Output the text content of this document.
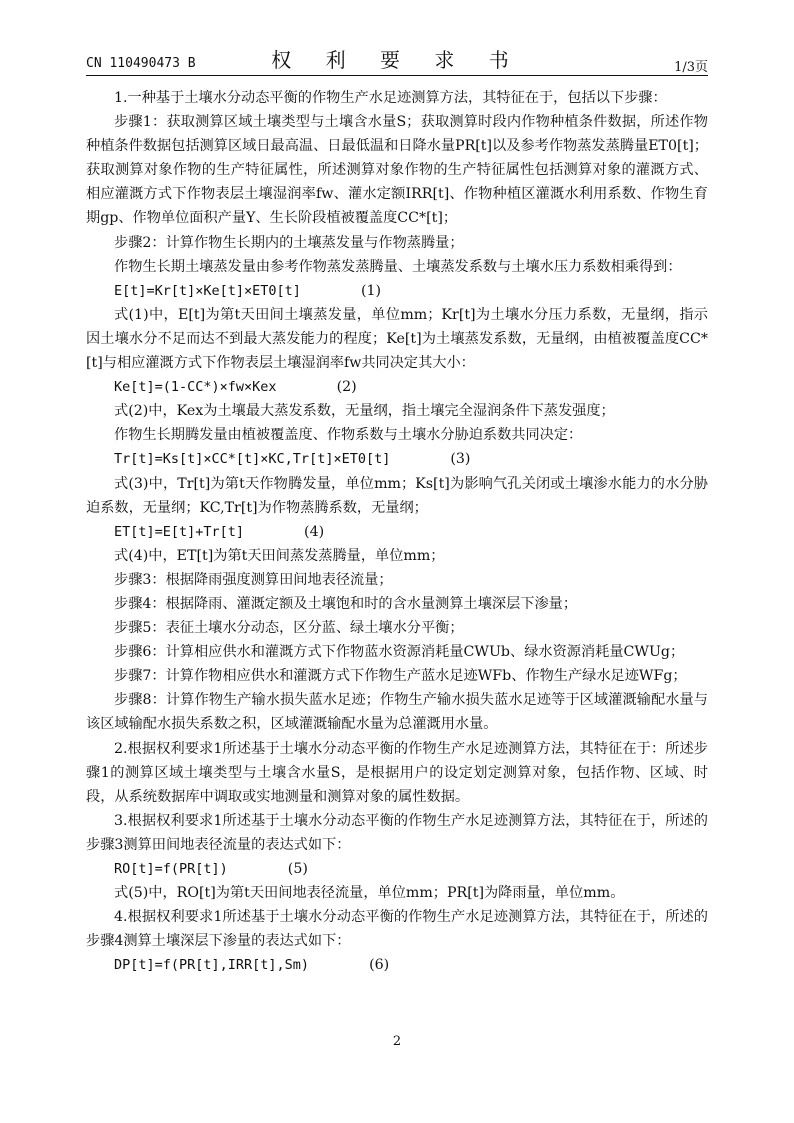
CN 110490473 B	权 利 要 求 书	1/3页

1.一种基于土壤水分动态平衡的作物生产水足迹测算方法，其特征在于，包括以下步骤：

步骤1：获取测算区域土壤类型与土壤含水量S；获取测算时段内作物种植条件数据，所述作物种植条件数据包括测算区域日最高温、日最低温和日降水量PR[t]以及参考作物蒸发蒸腾量ET0[t]；获取测算对象作物的生产特征属性，所述测算对象作物的生产特征属性包括测算对象的灌溉方式、相应灌溉方式下作物表层土壤湿润率fw、灌水定额IRR[t]、作物种植区灌溉水利用系数、作物生育期gp、作物单位面积产量Y、生长阶段植被覆盖度CC*[t]；

步骤2：计算作物生长期内的土壤蒸发量与作物蒸腾量；

作物生长期土壤蒸发量由参考作物蒸发蒸腾量、土壤蒸发系数与土壤水压力系数相乘得到：

E[t]=Kr[t]×Ke[t]×ET0[t]	(1)

式(1)中，E[t]为第t天田间土壤蒸发量，单位mm；Kr[t]为土壤水分压力系数，无量纲，指示因土壤水分不足而达不到最大蒸发能力的程度；Ke[t]为土壤蒸发系数，无量纲，由植被覆盖度CC*[t]与相应灌溉方式下作物表层土壤湿润率fw共同决定其大小：

Ke[t]=(1-CC*)×fw×Kex	(2)

式(2)中，Kex为土壤最大蒸发系数，无量纲，指土壤完全湿润条件下蒸发强度；

作物生长期腾发量由植被覆盖度、作物系数与土壤水分胁迫系数共同决定：

Tr[t]=Ks[t]×CC*[t]×KC,Tr[t]×ET0[t]	(3)

式(3)中，Tr[t]为第t天作物腾发量，单位mm；Ks[t]为影响气孔关闭或土壤渗水能力的水分胁迫系数，无量纲；KC,Tr[t]为作物蒸腾系数，无量纲；

ET[t]=E[t]+Tr[t]	(4)

式(4)中，ET[t]为第t天田间蒸发蒸腾量，单位mm；

步骤3：根据降雨强度测算田间地表径流量；

步骤4：根据降雨、灌溉定额及土壤饱和时的含水量测算土壤深层下渗量；

步骤5：表征土壤水分动态，区分蓝、绿土壤水分平衡；

步骤6：计算相应供水和灌溉方式下作物蓝水资源消耗量CWUb、绿水资源消耗量CWUg；

步骤7：计算作物相应供水和灌溉方式下作物生产蓝水足迹WFb、作物生产绿水足迹WFg；

步骤8：计算作物生产输水损失蓝水足迹；作物生产输水损失蓝水足迹等于区域灌溉输配水量与该区域输配水损失系数之积，区域灌溉输配水量为总灌溉用水量。

2.根据权利要求1所述基于土壤水分动态平衡的作物生产水足迹测算方法，其特征在于：所述步骤1的测算区域土壤类型与土壤含水量S，是根据用户的设定划定测算对象，包括作物、区域、时段，从系统数据库中调取或实地测量和测算对象的属性数据。

3.根据权利要求1所述基于土壤水分动态平衡的作物生产水足迹测算方法，其特征在于，所述的步骤3测算田间地表径流量的表达式如下：

RO[t]=f(PR[t])	(5)

式(5)中，RO[t]为第t天田间地表径流量，单位mm；PR[t]为降雨量，单位mm。

4.根据权利要求1所述基于土壤水分动态平衡的作物生产水足迹测算方法，其特征在于，所述的步骤4测算土壤深层下渗量的表达式如下：

DP[t]=f(PR[t],IRR[t],Sm)	(6)

2
